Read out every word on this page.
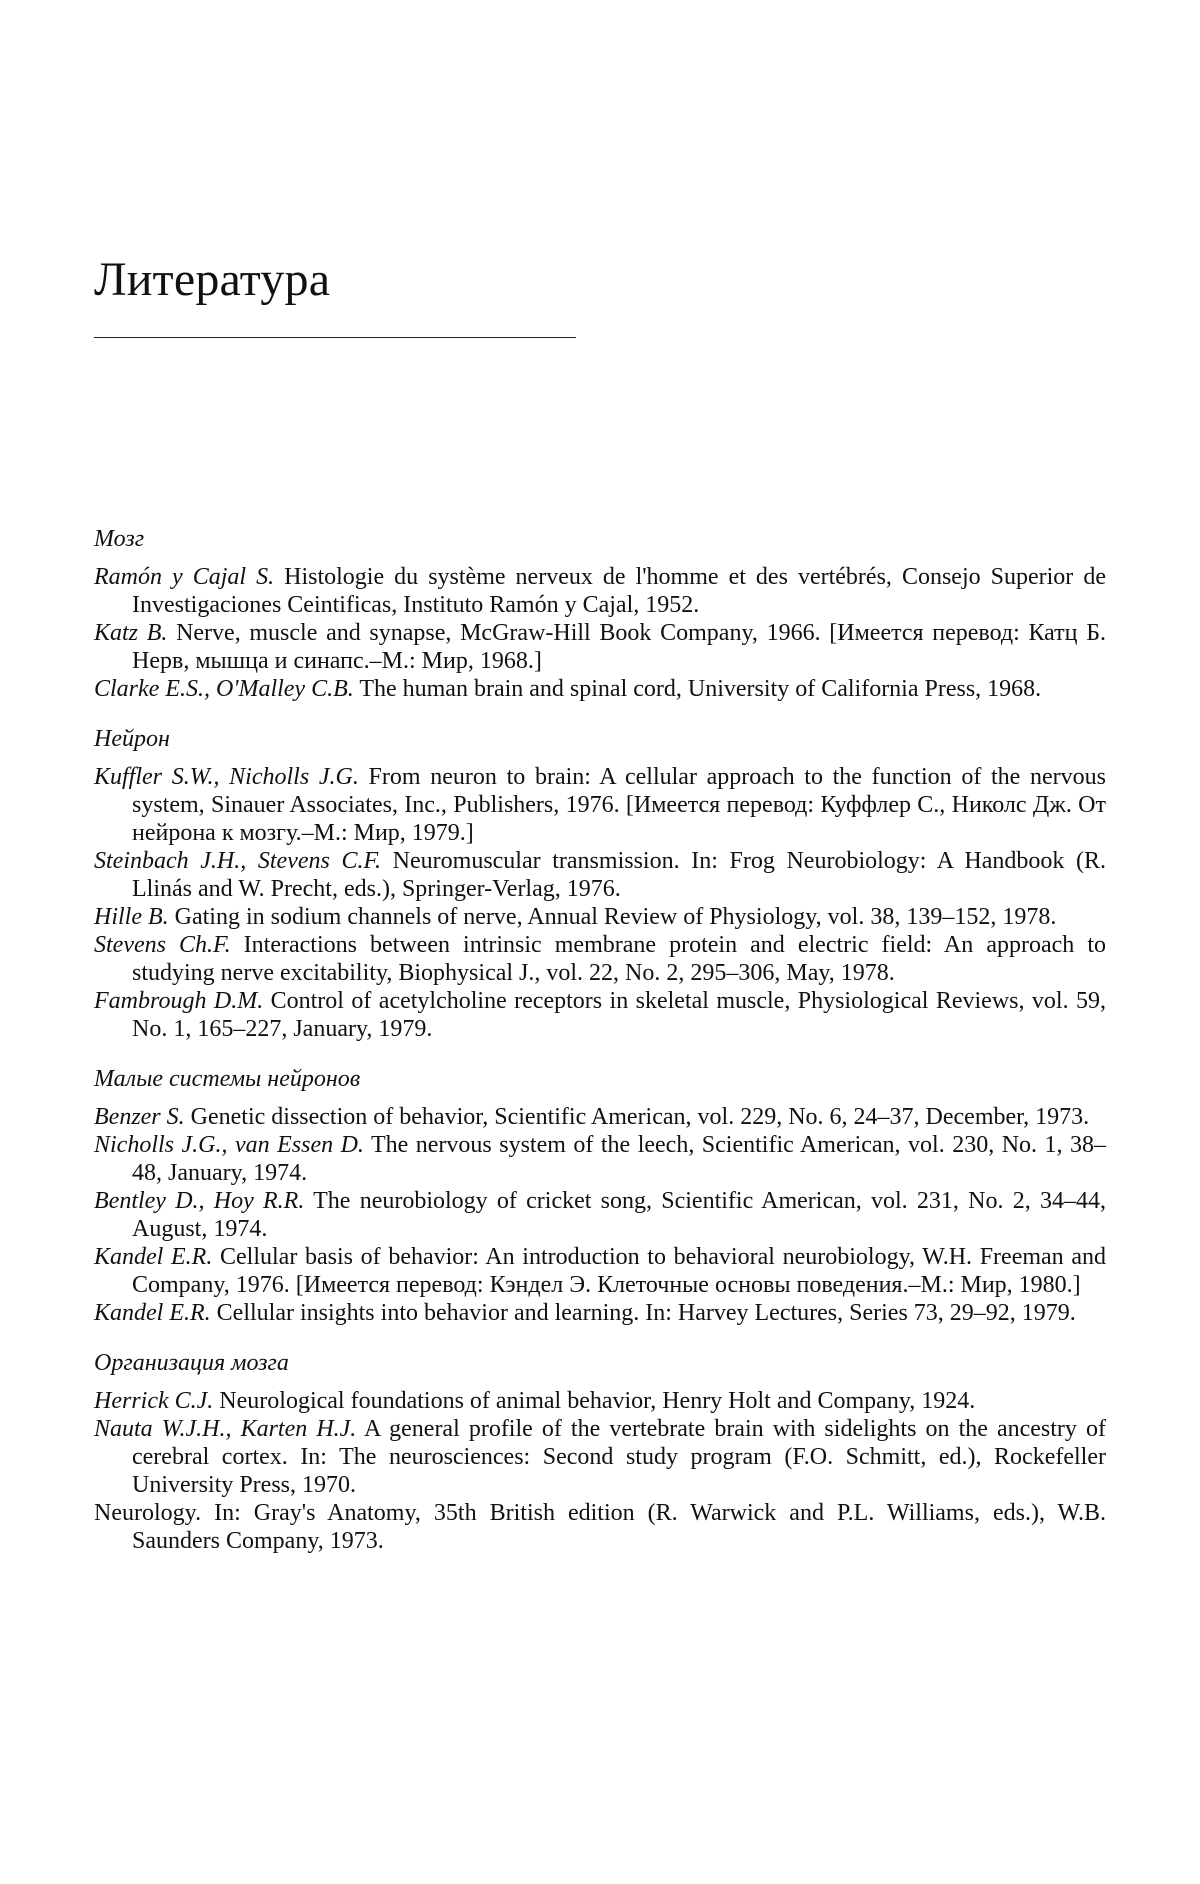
Литература

Мозг

Ramón y Cajal S. Histologie du système nerveux de l'homme et des vertébrés, Consejo Superior de Investigaciones Ceintificas, Instituto Ramón y Cajal, 1952.
Katz B. Nerve, muscle and synapse, McGraw-Hill Book Company, 1966. [Имеется перевод: Катц Б. Нерв, мышца и синапс.–М.: Мир, 1968.]
Clarke E.S., O'Malley C.B. The human brain and spinal cord, University of California Press, 1968.

Нейрон

Kuffler S.W., Nicholls J.G. From neuron to brain: A cellular approach to the function of the nervous system, Sinauer Associates, Inc., Publishers, 1976. [Имеется перевод: Куффлер С., Николс Дж. От нейрона к мозгу.–М.: Мир, 1979.]
Steinbach J.H., Stevens C.F. Neuromuscular transmission. In: Frog Neurobiology: A Handbook (R. Llinás and W. Precht, eds.), Springer-Verlag, 1976.
Hille B. Gating in sodium channels of nerve, Annual Review of Physiology, vol. 38, 139–152, 1978.
Stevens Ch.F. Interactions between intrinsic membrane protein and electric field: An approach to studying nerve excitability, Biophysical J., vol. 22, No. 2, 295–306, May, 1978.
Fambrough D.M. Control of acetylcholine receptors in skeletal muscle, Physiological Reviews, vol. 59, No. 1, 165–227, January, 1979.

Малые системы нейронов

Benzer S. Genetic dissection of behavior, Scientific American, vol. 229, No. 6, 24–37, December, 1973.
Nicholls J.G., van Essen D. The nervous system of the leech, Scientific American, vol. 230, No. 1, 38–48, January, 1974.
Bentley D., Hoy R.R. The neurobiology of cricket song, Scientific American, vol. 231, No. 2, 34–44, August, 1974.
Kandel E.R. Cellular basis of behavior: An introduction to behavioral neurobiology, W.H. Freeman and Company, 1976. [Имеется перевод: Кэндел Э. Клеточные основы поведения.–М.: Мир, 1980.]
Kandel E.R. Cellular insights into behavior and learning. In: Harvey Lectures, Series 73, 29–92, 1979.

Организация мозга

Herrick C.J. Neurological foundations of animal behavior, Henry Holt and Company, 1924.
Nauta W.J.H., Karten H.J. A general profile of the vertebrate brain with sidelights on the ancestry of cerebral cortex. In: The neurosciences: Second study program (F.O. Schmitt, ed.), Rockefeller University Press, 1970.
Neurology. In: Gray's Anatomy, 35th British edition (R. Warwick and P.L. Williams, eds.), W.B. Saunders Company, 1973.
